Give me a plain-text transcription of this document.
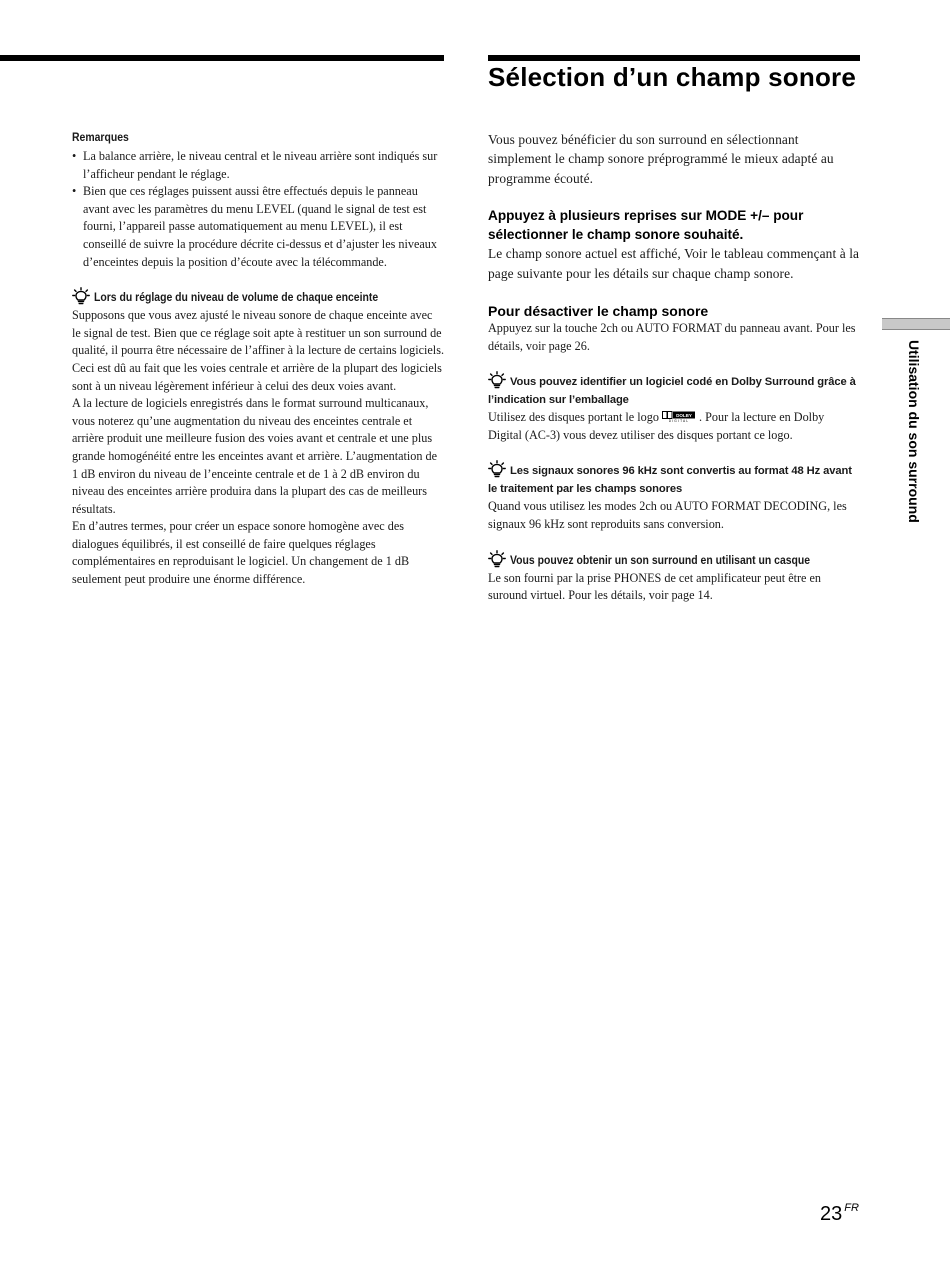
Sélection d’un champ sonore

Remarques

• La balance arrière, le niveau central et le niveau arrière sont indiqués sur l’afficheur pendant le réglage.
• Bien que ces réglages puissent aussi être effectués depuis le panneau avant avec les paramètres du menu LEVEL (quand le signal de test est fourni, l’appareil passe automatiquement au menu LEVEL), il est conseillé de suivre la procédure décrite ci-dessus et d’ajuster les niveaux d’enceintes depuis la position d’écoute avec la télécommande.

Lors du réglage du niveau de volume de chaque enceinte

Supposons que vous avez ajusté le niveau sonore de chaque enceinte avec le signal de test. Bien que ce réglage soit apte à restituer un son surround de qualité, il pourra être nécessaire de l’affiner à la lecture de certains logiciels. Ceci est dû au fait que les voies centrale et arrière de la plupart des logiciels sont à un niveau légèrement inférieur à celui des deux voies avant.

A la lecture de logiciels enregistrés dans le format surround multicanaux, vous noterez qu’une augmentation du niveau des enceintes centrale et arrière produit une meilleure fusion des voies avant et centrale et une plus grande homogénéité entre les enceintes avant et arrière. L’augmentation de 1 dB environ du niveau de l’enceinte centrale et de 1 à 2 dB environ du niveau des enceintes arrière produira dans la plupart des cas de meilleurs résultats.

En d’autres termes, pour créer un espace sonore homogène avec des dialogues équilibrés, il est conseillé de faire quelques réglages complémentaires en reproduisant le logiciel. Un changement de 1 dB seulement peut produire une énorme différence.

Vous pouvez bénéficier du son surround en sélectionnant simplement le champ sonore préprogrammé le mieux adapté au programme écouté.

Appuyez à plusieurs reprises sur MODE +/– pour sélectionner le champ sonore souhaité.

Le champ sonore actuel est affiché, Voir le tableau commençant à la page suivante pour les détails sur chaque champ sonore.

Pour désactiver le champ sonore

Appuyez sur la touche 2ch ou AUTO FORMAT du panneau avant. Pour les détails, voir page 26.

Vous pouvez identifier un logiciel codé en Dolby Surround grâce à l’indication sur l’emballage

Utilisez des disques portant le logo	DOLBY
DIGITAL . Pour la lecture en Dolby Digital (AC-3) vous devez utiliser des disques portant ce logo.

Les signaux sonores 96 kHz sont convertis au format 48 Hz avant le traitement par les champs sonores

Quand vous utilisez les modes 2ch ou AUTO FORMAT DECODING, les signaux 96 kHz sont reproduits sans conversion.

Vous pouvez obtenir un son surround en utilisant un casque

Le son fourni par la prise PHONES de cet amplificateur peut être en suround virtuel. Pour les détails, voir page 14.

Utilisation du son surround
23 $^{FR}$
